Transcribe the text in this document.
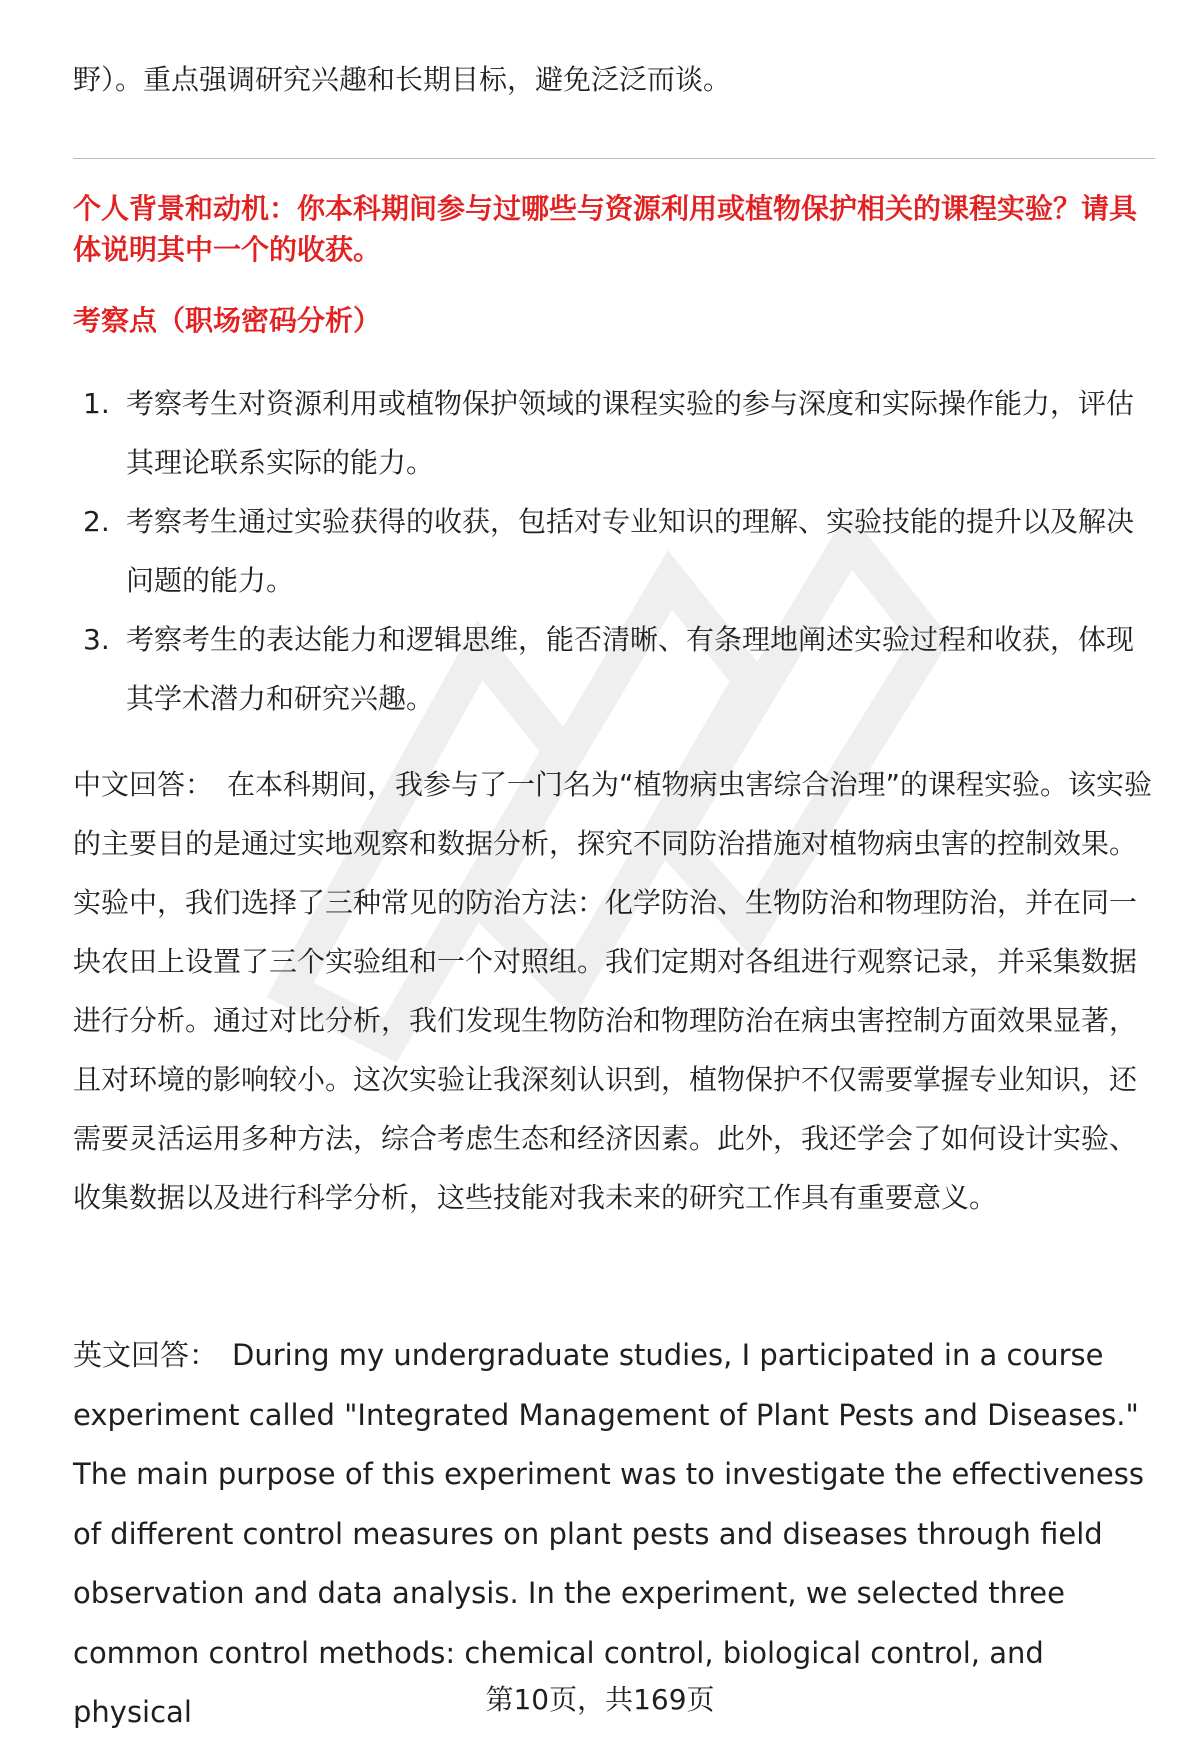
野）。重点强调研究兴趣和长期目标，避免泛泛而谈。

个人背景和动机：你本科期间参与过哪些与资源利用或植物保护相关的课程实验？请具体说明其中一个的收获。

考察点（职场密码分析）

1. 考察考生对资源利用或植物保护领域的课程实验的参与深度和实际操作能力，评估其理论联系实际的能力。
2. 考察考生通过实验获得的收获，包括对专业知识的理解、实验技能的提升以及解决问题的能力。
3. 考察考生的表达能力和逻辑思维，能否清晰、有条理地阐述实验过程和收获，体现其学术潜力和研究兴趣。

中文回答： 在本科期间，我参与了一门名为“植物病虫害综合治理”的课程实验。该实验的主要目的是通过实地观察和数据分析，探究不同防治措施对植物病虫害的控制效果。实验中，我们选择了三种常见的防治方法：化学防治、生物防治和物理防治，并在同一块农田上设置了三个实验组和一个对照组。我们定期对各组进行观察记录，并采集数据进行分析。通过对比分析，我们发现生物防治和物理防治在病虫害控制方面效果显著，且对环境的影响较小。这次实验让我深刻认识到，植物保护不仅需要掌握专业知识，还需要灵活运用多种方法，综合考虑生态和经济因素。此外，我还学会了如何设计实验、收集数据以及进行科学分析，这些技能对我未来的研究工作具有重要意义。

英文回答： During my undergraduate studies, I participated in a course experiment called "Integrated Management of Plant Pests and Diseases." The main purpose of this experiment was to investigate the effectiveness of different control measures on plant pests and diseases through field observation and data analysis. In the experiment, we selected three common control methods: chemical control, biological control, and physical	第10页，共169页
